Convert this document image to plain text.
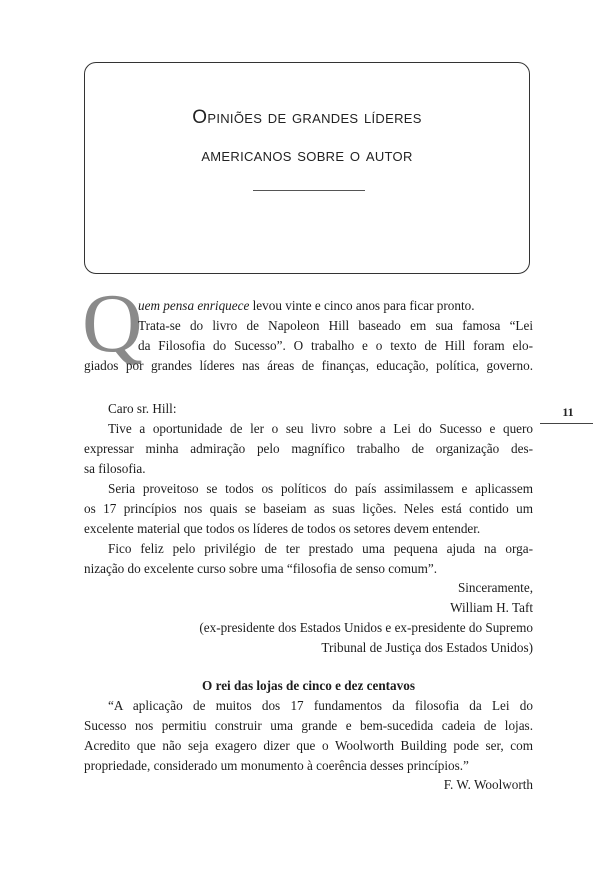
Opiniões de grandes líderes
americanos sobre o autor
11
Q
uem pensa enriquece levou vinte e cinco anos para ficar pronto.
Trata-se do livro de Napoleon Hill baseado em sua famosa “Lei
da Filosofia do Sucesso”. O trabalho e o texto de Hill foram elo-
giados por grandes líderes nas áreas de finanças, educação, política, governo.
Caro sr. Hill:
Tive a oportunidade de ler o seu livro sobre a Lei do Sucesso e quero
expressar minha admiração pelo magnífico trabalho de organização des-
sa filosofia.
Seria proveitoso se todos os políticos do país assimilassem e aplicassem
os 17 princípios nos quais se baseiam as suas lições. Neles está contido um
excelente material que todos os líderes de todos os setores devem entender.
Fico feliz pelo privilégio de ter prestado uma pequena ajuda na orga-
nização do excelente curso sobre uma “filosofia de senso comum”.
Sinceramente,
William H. Taft
(ex-presidente dos Estados Unidos e ex-presidente do Supremo
Tribunal de Justiça dos Estados Unidos)
O rei das lojas de cinco e dez centavos
“A aplicação de muitos dos 17 fundamentos da filosofia da Lei do
Sucesso nos permitiu construir uma grande e bem-sucedida cadeia de lojas.
Acredito que não seja exagero dizer que o Woolworth Building pode ser, com
propriedade, considerado um monumento à coerência desses princípios.”
F. W. Woolworth
